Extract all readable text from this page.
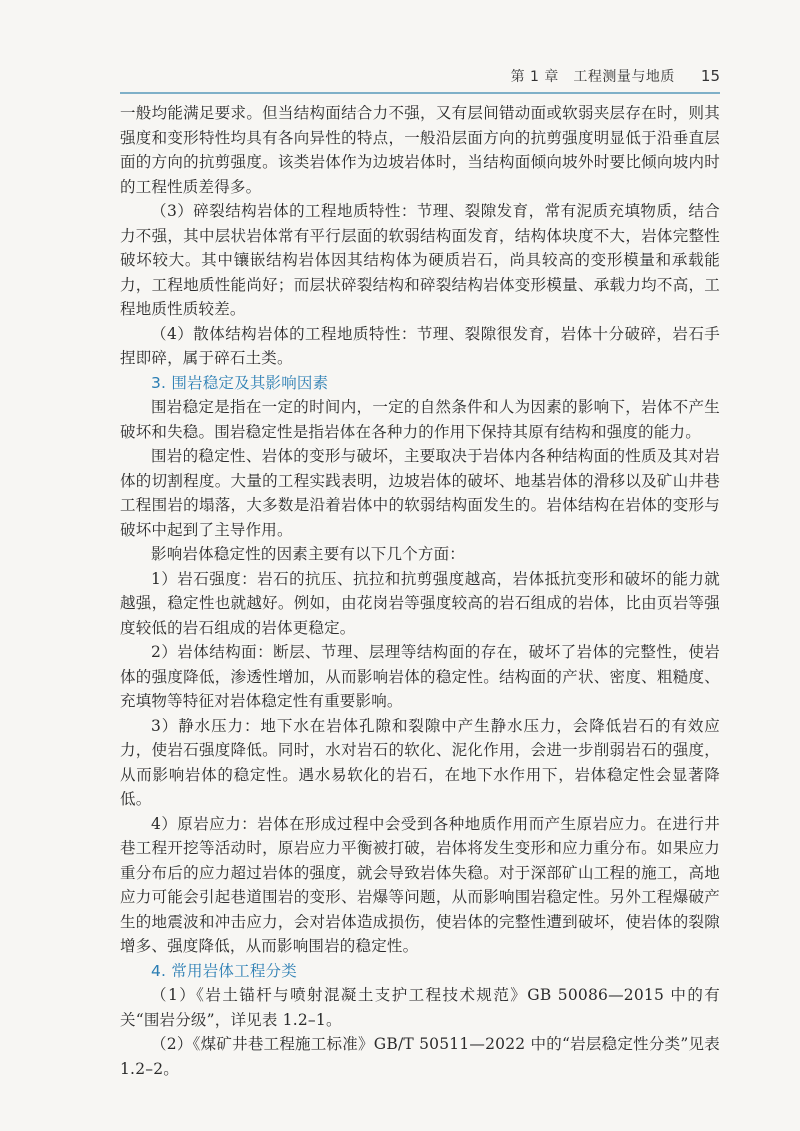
第 1 章　工程测量与地质 15

一般均能满足要求。但当结构面结合力不强，又有层间错动面或软弱夹层存在时，则其强度和变形特性均具有各向异性的特点，一般沿层面方向的抗剪强度明显低于沿垂直层面的方向的抗剪强度。该类岩体作为边坡岩体时，当结构面倾向坡外时要比倾向坡内时的工程性质差得多。

（3）碎裂结构岩体的工程地质特性：节理、裂隙发育，常有泥质充填物质，结合力不强，其中层状岩体常有平行层面的软弱结构面发育，结构体块度不大，岩体完整性破坏较大。其中镶嵌结构岩体因其结构体为硬质岩石，尚具较高的变形模量和承载能力，工程地质性能尚好；而层状碎裂结构和碎裂结构岩体变形模量、承载力均不高，工程地质性质较差。

（4）散体结构岩体的工程地质特性：节理、裂隙很发育，岩体十分破碎，岩石手捏即碎，属于碎石土类。

3. 围岩稳定及其影响因素

围岩稳定是指在一定的时间内，一定的自然条件和人为因素的影响下，岩体不产生破坏和失稳。围岩稳定性是指岩体在各种力的作用下保持其原有结构和强度的能力。

围岩的稳定性、岩体的变形与破坏，主要取决于岩体内各种结构面的性质及其对岩体的切割程度。大量的工程实践表明，边坡岩体的破坏、地基岩体的滑移以及矿山井巷工程围岩的塌落，大多数是沿着岩体中的软弱结构面发生的。岩体结构在岩体的变形与破坏中起到了主导作用。

影响岩体稳定性的因素主要有以下几个方面：

1）岩石强度：岩石的抗压、抗拉和抗剪强度越高，岩体抵抗变形和破坏的能力就越强，稳定性也就越好。例如，由花岗岩等强度较高的岩石组成的岩体，比由页岩等强度较低的岩石组成的岩体更稳定。

2）岩体结构面：断层、节理、层理等结构面的存在，破坏了岩体的完整性，使岩体的强度降低，渗透性增加，从而影响岩体的稳定性。结构面的产状、密度、粗糙度、充填物等特征对岩体稳定性有重要影响。

3）静水压力：地下水在岩体孔隙和裂隙中产生静水压力，会降低岩石的有效应力，使岩石强度降低。同时，水对岩石的软化、泥化作用，会进一步削弱岩石的强度，从而影响岩体的稳定性。遇水易软化的岩石，在地下水作用下，岩体稳定性会显著降低。

4）原岩应力：岩体在形成过程中会受到各种地质作用而产生原岩应力。在进行井巷工程开挖等活动时，原岩应力平衡被打破，岩体将发生变形和应力重分布。如果应力重分布后的应力超过岩体的强度，就会导致岩体失稳。对于深部矿山工程的施工，高地应力可能会引起巷道围岩的变形、岩爆等问题，从而影响围岩稳定性。另外工程爆破产生的地震波和冲击应力，会对岩体造成损伤，使岩体的完整性遭到破坏，使岩体的裂隙增多、强度降低，从而影响围岩的稳定性。

4. 常用岩体工程分类

（1）《岩土锚杆与喷射混凝土支护工程技术规范》GB 50086—2015 中的有关“围岩分级”，详见表 1.2–1。

（2）《煤矿井巷工程施工标准》GB/T 50511—2022 中的“岩层稳定性分类”见表 1.2–2。
